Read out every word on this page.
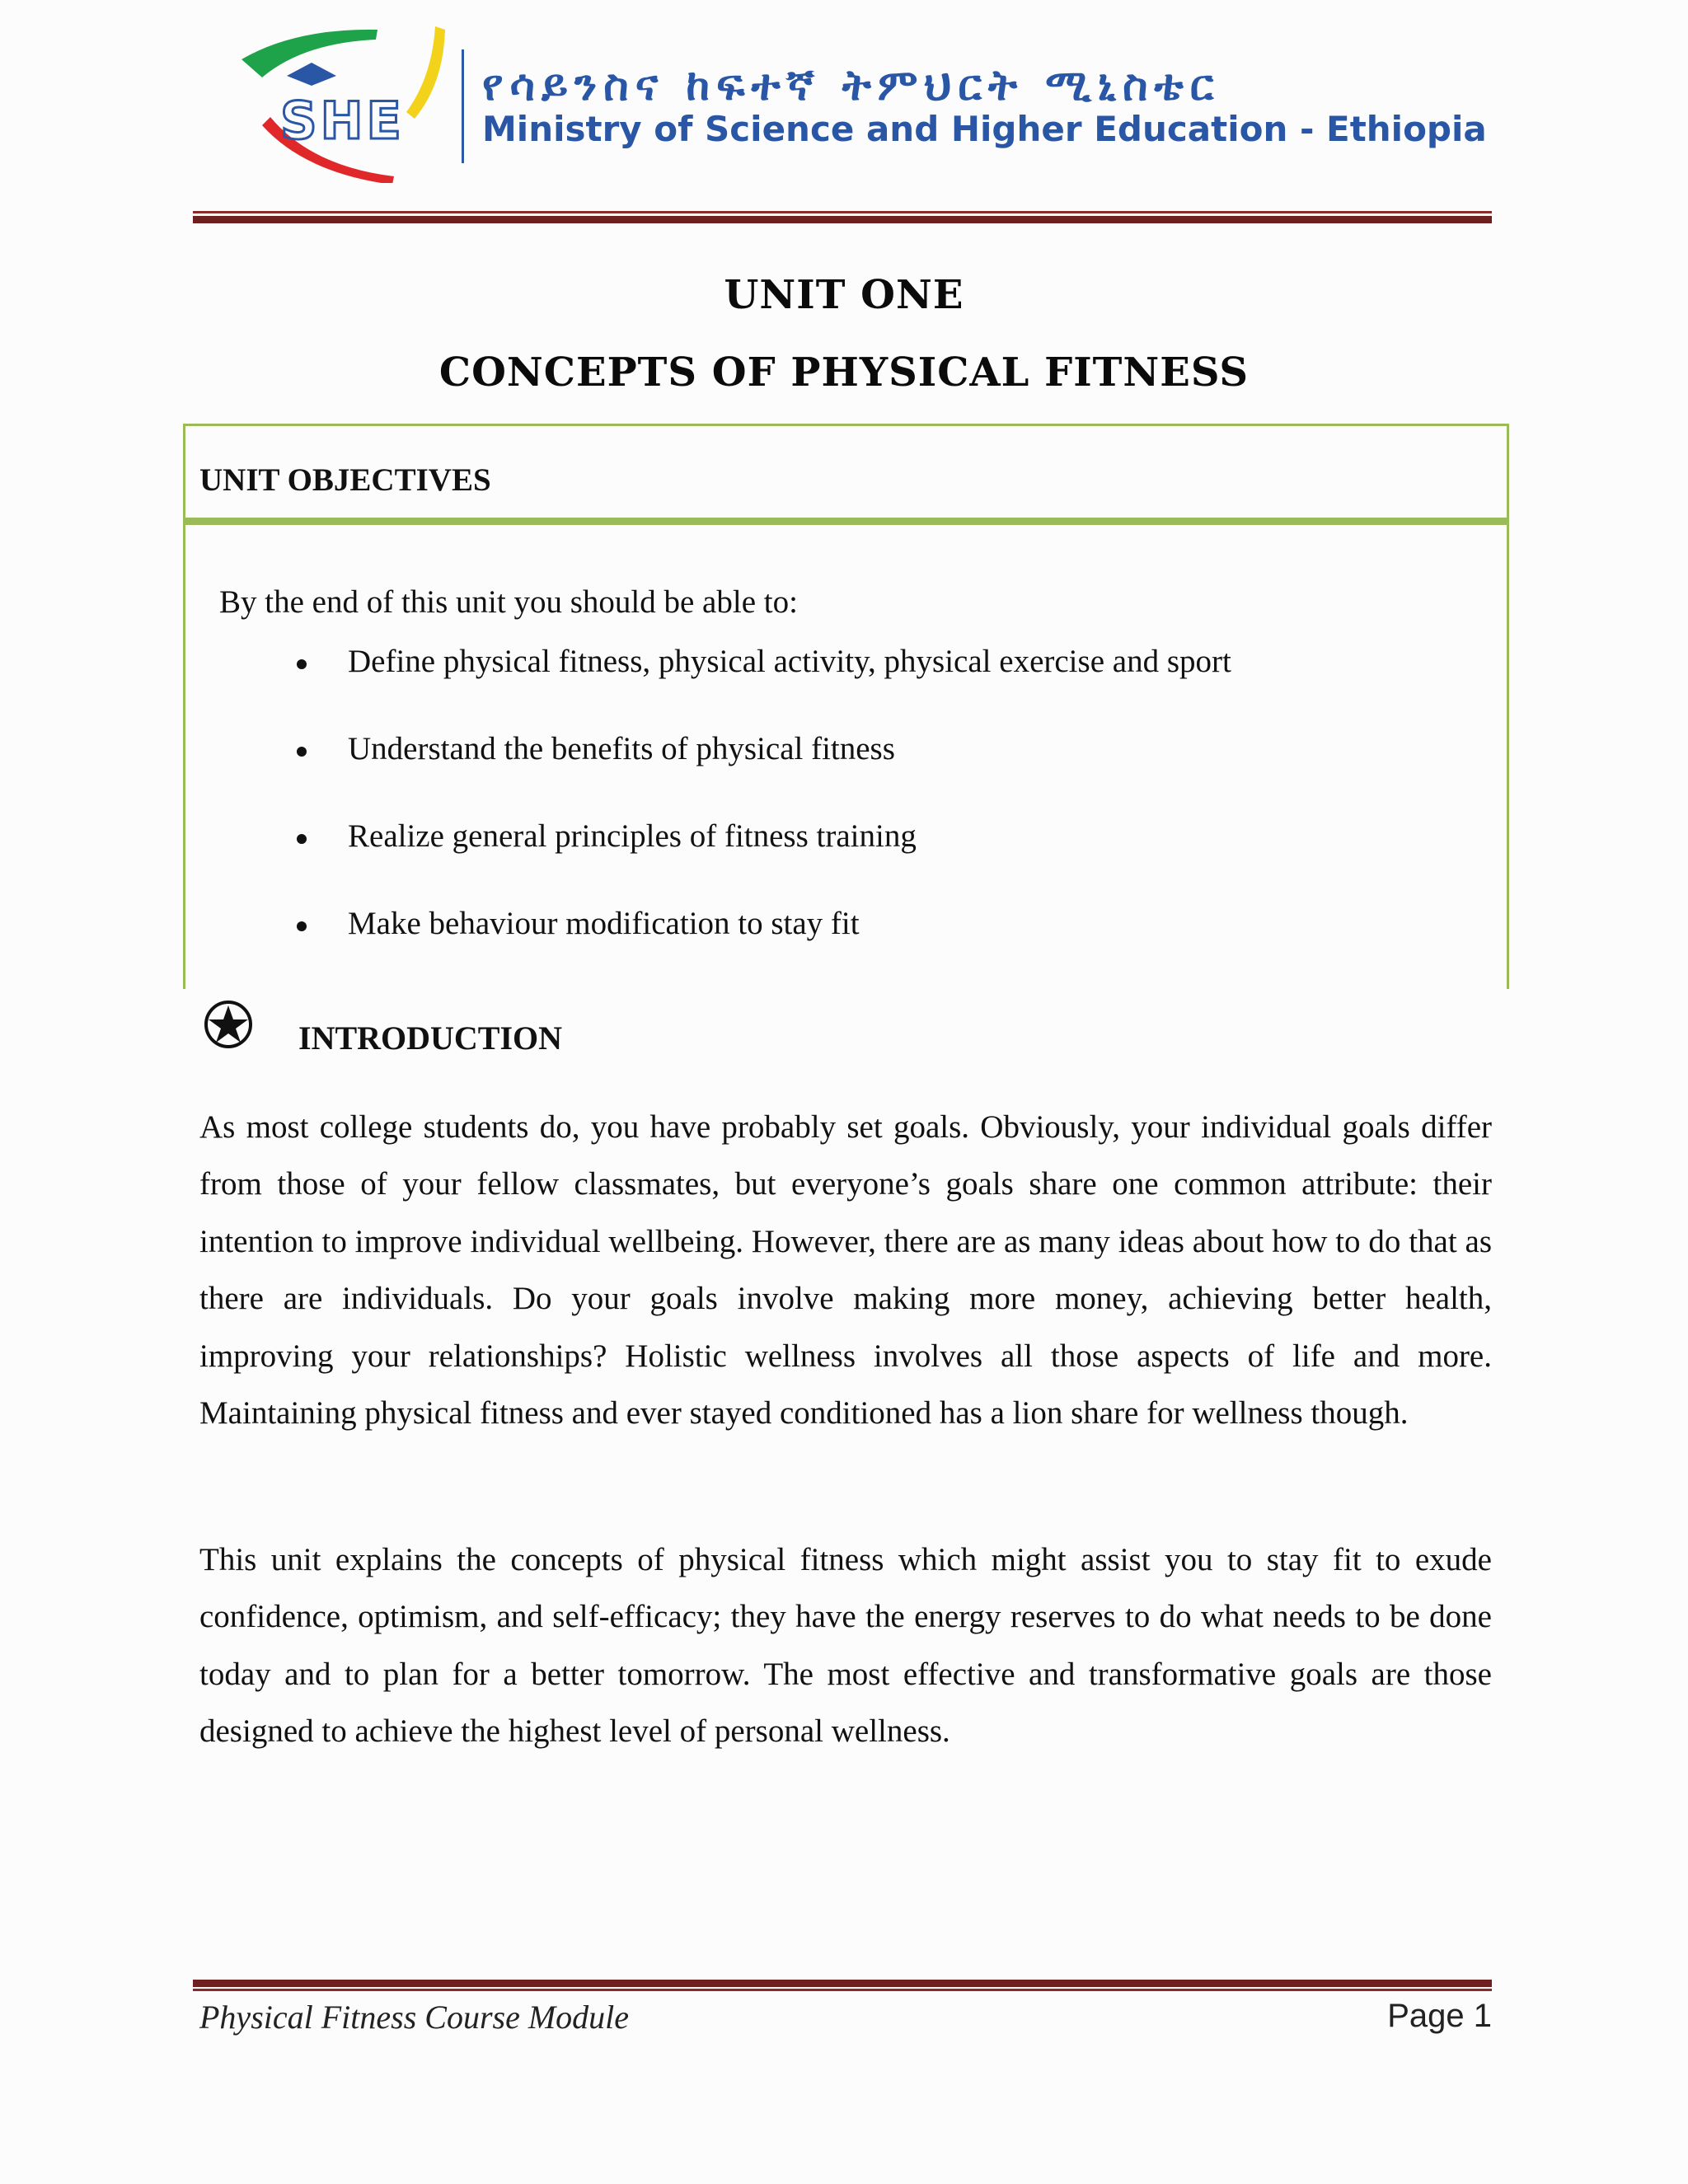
SHE
የሳይንስና ከፍተኛ ትምህርት ሚኒስቴር
Ministry of Science and Higher Education - Ethiopia
UNIT ONE
CONCEPTS OF PHYSICAL FITNESS
UNIT OBJECTIVES
By the end of this unit you should be able to:
Define physical fitness, physical activity, physical exercise and sport
Understand the benefits of physical fitness
Realize general principles of fitness training
Make behaviour modification to stay fit
INTRODUCTION
As most college students do, you have probably set goals. Obviously, your individual goals differ from those of your fellow classmates, but everyone’s goals share one common attribute: their intention to improve individual wellbeing. However, there are as many ideas about how to do that as there are individuals. Do your goals involve making more money, achieving better health, improving your relationships? Holistic wellness involves all those aspects of life and more. Maintaining physical fitness and ever stayed conditioned has a lion share for wellness though.
This unit explains the concepts of physical fitness which might assist you to stay fit to exude confidence, optimism, and self-efficacy; they have the energy reserves to do what needs to be done today and to plan for a better tomorrow. The most effective and transformative goals are those designed to achieve the highest level of personal wellness.
Physical Fitness Course Module	Page 1
